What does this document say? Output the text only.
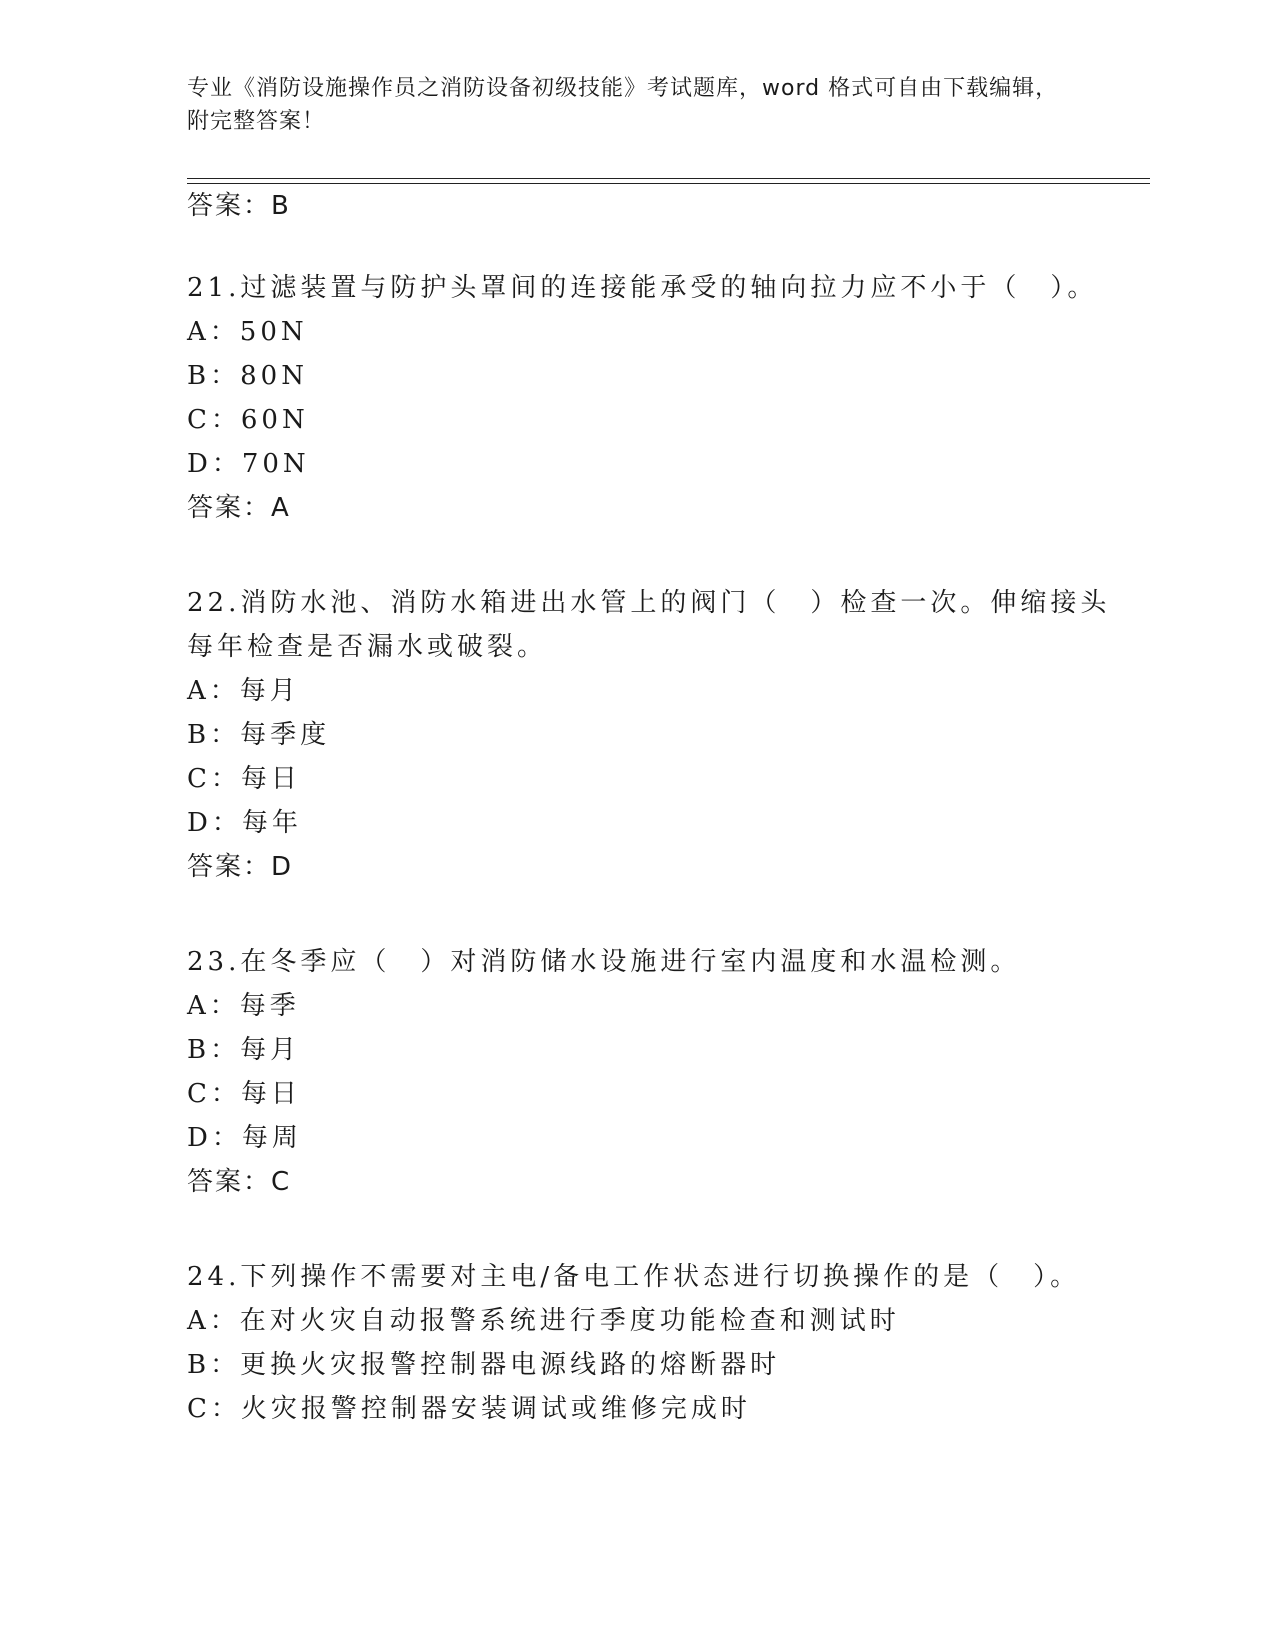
专业《消防设施操作员之消防设备初级技能》考试题库，word 格式可自由下载编辑，附完整答案！
答案：B
21.过滤装置与防护头罩间的连接能承受的轴向拉力应不小于（　）。
A：50N
B：80N
C：60N
D：70N
答案：A
22.消防水池、消防水箱进出水管上的阀门（　）检查一次。伸缩接头
每年检查是否漏水或破裂。
A：每月
B：每季度
C：每日
D：每年
答案：D
23.在冬季应（　）对消防储水设施进行室内温度和水温检测。
A：每季
B：每月
C：每日
D：每周
答案：C
24.下列操作不需要对主电/备电工作状态进行切换操作的是（　）。
A：在对火灾自动报警系统进行季度功能检查和测试时
B：更换火灾报警控制器电源线路的熔断器时
C：火灾报警控制器安装调试或维修完成时
